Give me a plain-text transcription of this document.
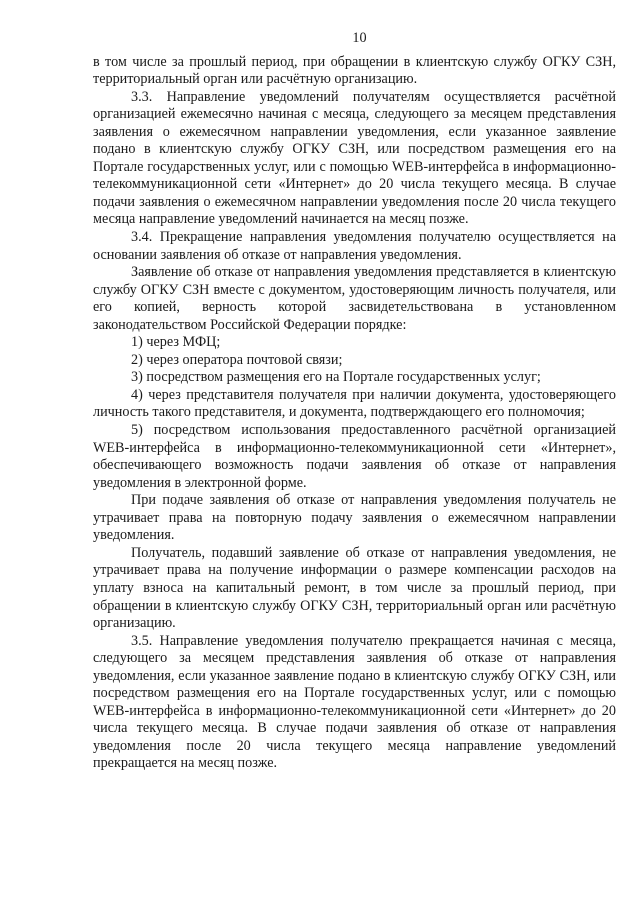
10

в том числе за прошлый период, при обращении в клиентскую службу ОГКУ СЗН, территориальный орган или расчётную организацию.

3.3. Направление уведомлений получателям осуществляется расчётной организацией ежемесячно начиная с месяца, следующего за месяцем представления заявления о ежемесячном направлении уведомления, если указанное заявление подано в клиентскую службу ОГКУ СЗН, или посредством размещения его на Портале государственных услуг, или с помощью WEB-интерфейса в информационно-телекоммуникационной сети «Интернет» до 20 числа текущего месяца. В случае подачи заявления о ежемесячном направлении уведомления после 20 числа текущего месяца направление уведомлений начинается на месяц позже.

3.4. Прекращение направления уведомления получателю осуществляется на основании заявления об отказе от направления уведомления.

Заявление об отказе от направления уведомления представляется в клиентскую службу ОГКУ СЗН вместе с документом, удостоверяющим личность получателя, или его копией, верность которой засвидетельствована в установленном законодательством Российской Федерации порядке:

1) через МФЦ;

2) через оператора почтовой связи;

3) посредством размещения его на Портале государственных услуг;

4) через представителя получателя при наличии документа, удостоверяющего личность такого представителя, и документа, подтверждающего его полномочия;

5) посредством использования предоставленного расчётной организацией WEB-интерфейса в информационно-телекоммуникационной сети «Интернет», обеспечивающего возможность подачи заявления об отказе от направления уведомления в электронной форме.

При подаче заявления об отказе от направления уведомления получатель не утрачивает права на повторную подачу заявления о ежемесячном направлении уведомления.

Получатель, подавший заявление об отказе от направления уведомления, не утрачивает права на получение информации о размере компенсации расходов на уплату взноса на капитальный ремонт, в том числе за прошлый период, при обращении в клиентскую службу ОГКУ СЗН, территориальный орган или расчётную организацию.

3.5. Направление уведомления получателю прекращается начиная с месяца, следующего за месяцем представления заявления об отказе от направления уведомления, если указанное заявление подано в клиентскую службу ОГКУ СЗН, или посредством размещения его на Портале государственных услуг, или с помощью WEB-интерфейса в информационно-телекоммуникационной сети «Интернет» до 20 числа текущего месяца. В случае подачи заявления об отказе от направления уведомления после 20 числа текущего месяца направление уведомлений прекращается на месяц позже.
